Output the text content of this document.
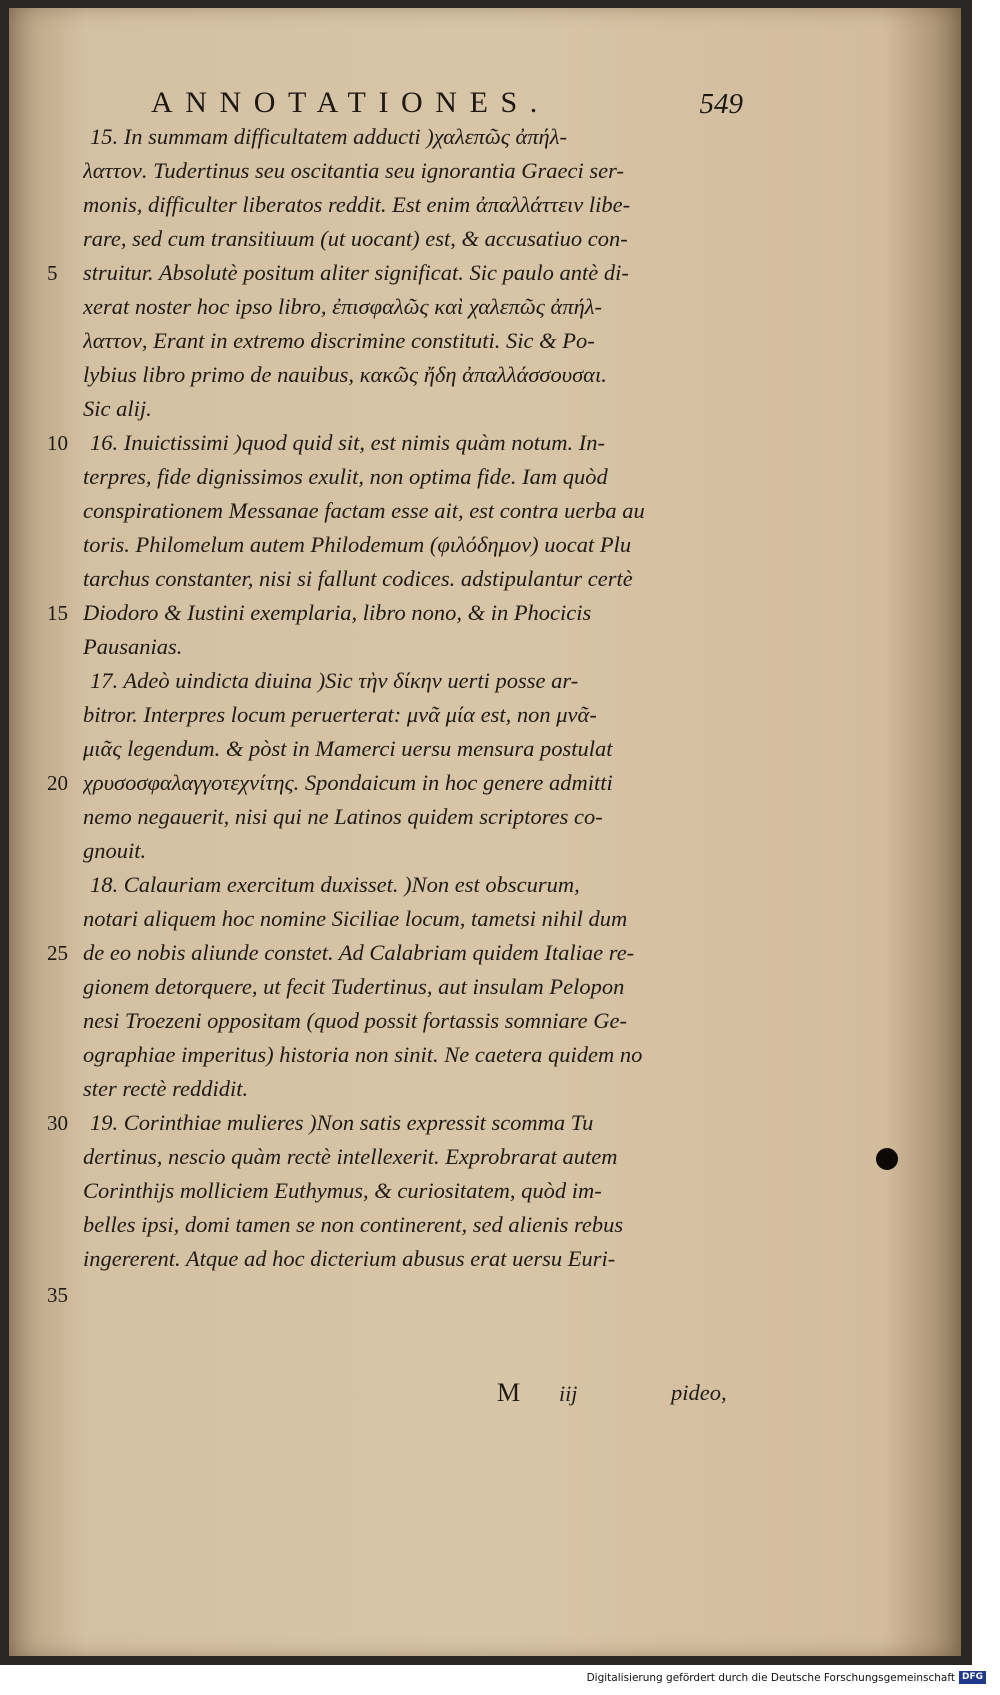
ANNOTATIONES.	549
15. In summam difficultatem adducti )χαλεπῶς ἀπήλ-
λαττον. Tudertinus seu oscitantia seu ignorantia Graeci ser-
monis, difficulter liberatos reddit. Est enim ἀπαλλάττειν libe-
rare, sed cum transitiuum (ut uocant) est, & accusatiuo con-
struitur. Absolutè positum aliter significat. Sic paulo antè di-
xerat noster hoc ipso libro, ἐπισφαλῶς καὶ χαλεπῶς ἀπήλ-
λαττον, Erant in extremo discrimine constituti. Sic & Po-
lybius libro primo de nauibus, κακῶς ἤδη ἀπαλλάσσουσαι.
Sic alij.
16. Inuictissimi )quod quid sit, est nimis quàm notum. In-
terpres, fide dignissimos exulit, non optima fide. Iam quòd
conspirationem Messanae factam esse ait, est contra uerba au
toris. Philomelum autem Philodemum (φιλόδημον) uocat Plu
tarchus constanter, nisi si fallunt codices. adstipulantur certè
Diodoro & Iustini exemplaria, libro nono, & in Phocicis
Pausanias.
17. Adeò uindicta diuina )Sic τὴν δίκην uerti posse ar-
bitror. Interpres locum peruerterat: μνᾶ μία est, non μνᾶ-
μιᾶς legendum. & pòst in Mamerci uersu mensura postulat
χρυσοσφαλαγγοτεχνίτης. Spondaicum in hoc genere admitti
nemo negauerit, nisi qui ne Latinos quidem scriptores co-
gnouit.
18. Calauriam exercitum duxisset. )Non est obscurum,
notari aliquem hoc nomine Siciliae locum, tametsi nihil dum
de eo nobis aliunde constet. Ad Calabriam quidem Italiae re-
gionem detorquere, ut fecit Tudertinus, aut insulam Pelopon
nesi Troezeni oppositam (quod possit fortassis somniare Ge-
ographiae imperitus) historia non sinit. Ne caetera quidem no
ster rectè reddidit.
19. Corinthiae mulieres )Non satis expressit scomma Tu
dertinus, nescio quàm rectè intellexerit. Exprobrarat autem
Corinthijs molliciem Euthymus, & curiositatem, quòd im-
belles ipsi, domi tamen se non continerent, sed alienis rebus
ingererent. Atque ad hoc dicterium abusus erat uersu Euri-
5
10
15
20
25
30
35
M iij	pideo,
Digitalisierung gefördert durch die Deutsche Forschungsgemeinschaft DFG
